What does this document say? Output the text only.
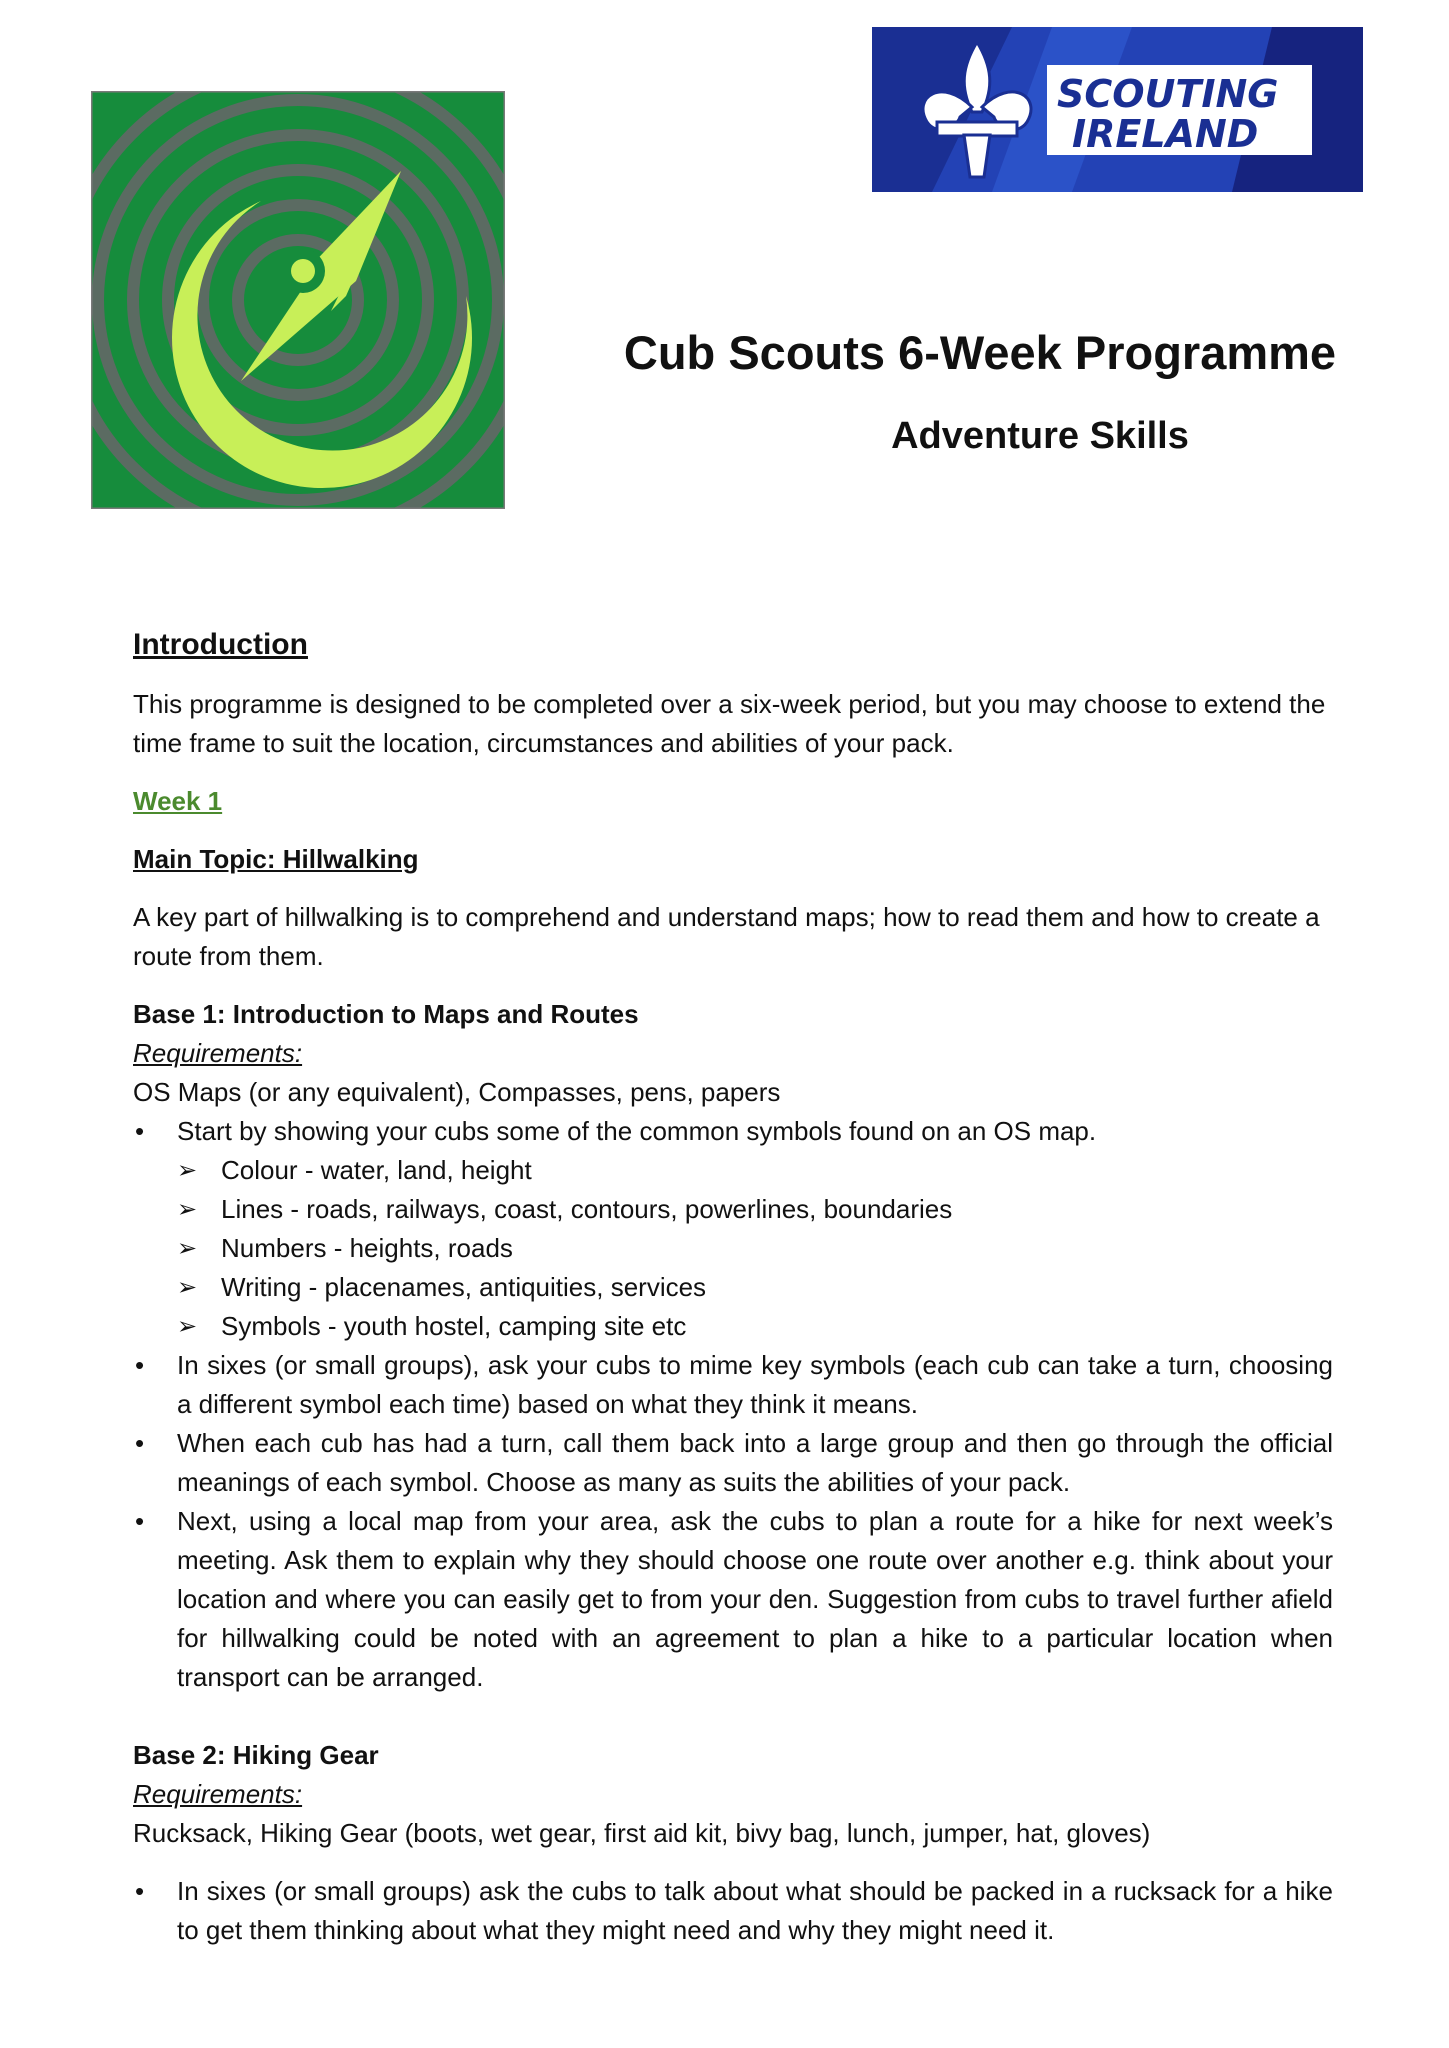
SCOUTING
IRELAND
Cub Scouts 6-Week Programme
Adventure Skills
Introduction

This programme is designed to be completed over a six-week period, but you may choose to extend the time frame to suit the location, circumstances and abilities of your pack.

Week 1
Main Topic: Hillwalking

A key part of hillwalking is to comprehend and understand maps; how to read them and how to create a route from them.

Base 1: Introduction to Maps and Routes
Requirements:
OS Maps (or any equivalent), Compasses, pens, papers
• Start by showing your cubs some of the common symbols found on an OS map.
➢ Colour - water, land, height
➢ Lines - roads, railways, coast, contours, powerlines, boundaries
➢ Numbers - heights, roads
➢ Writing - placenames, antiquities, services
➢ Symbols - youth hostel, camping site etc
• In sixes (or small groups), ask your cubs to mime key symbols (each cub can take a turn, choosing a different symbol each time) based on what they think it means.
• When each cub has had a turn, call them back into a large group and then go through the official meanings of each symbol. Choose as many as suits the abilities of your pack.
• Next, using a local map from your area, ask the cubs to plan a route for a hike for next week’s meeting. Ask them to explain why they should choose one route over another e.g. think about your location and where you can easily get to from your den. Suggestion from cubs to travel further afield for hillwalking could be noted with an agreement to plan a hike to a particular location when transport can be arranged.
Base 2: Hiking Gear
Requirements:
Rucksack, Hiking Gear (boots, wet gear, first aid kit, bivy bag, lunch, jumper, hat, gloves)
• In sixes (or small groups) ask the cubs to talk about what should be packed in a rucksack for a hike to get them thinking about what they might need and why they might need it.
